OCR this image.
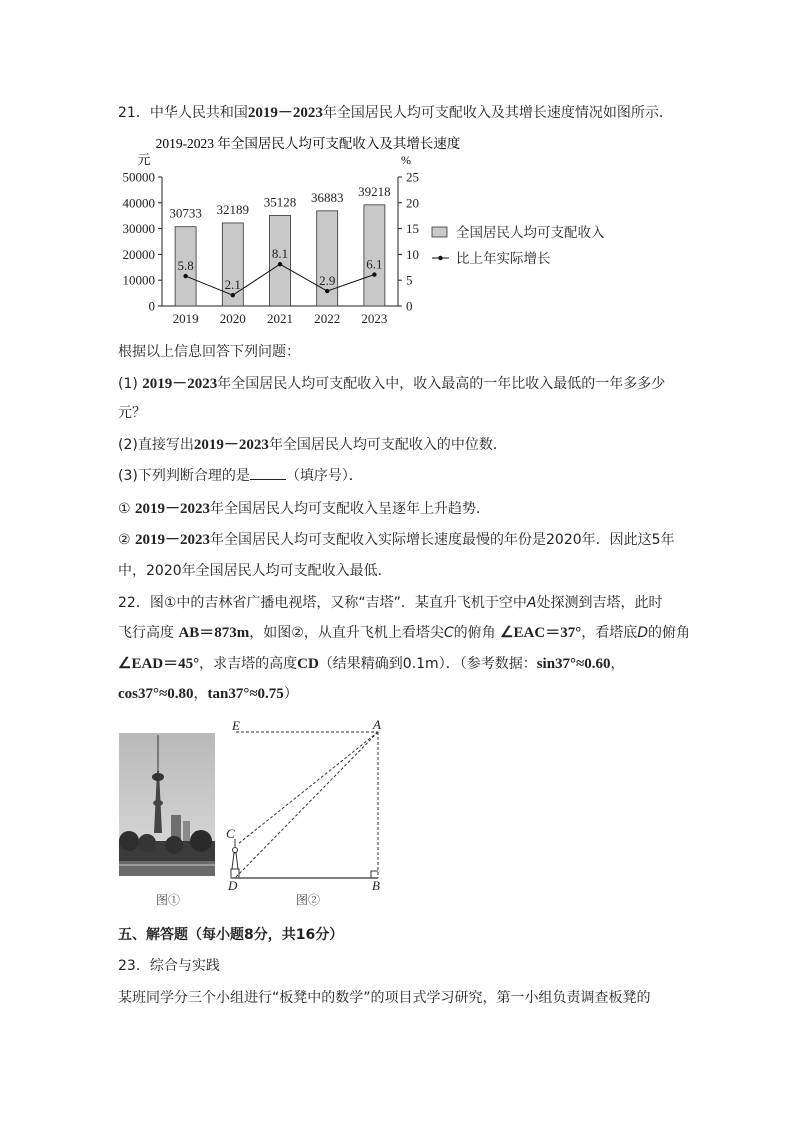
21．中华人民共和国2019－2023年全国居民人均可支配收入及其增长速度情况如图所示．
2019-2023 年全国居民人均可支配收入及其增长速度
元	%
0
10000
20000
30000
40000
50000
0
5
10
15
20
25
30733
2019
32189
2020
35128
2021
36883
2022
39218
2023
5.8
2.1
8.1
2.9
6.1
全国居民人均可支配收入
比上年实际增长
根据以上信息回答下列问题：
(1) 2019－2023年全国居民人均可支配收入中，收入最高的一年比收入最低的一年多多少
元？
(2)直接写出2019－2023年全国居民人均可支配收入的中位数．
(3)下列判断合理的是	（填序号）．
① 2019－2023年全国居民人均可支配收入呈逐年上升趋势．
② 2019－2023年全国居民人均可支配收入实际增长速度最慢的年份是2020年．因此这5年
中，2020年全国居民人均可支配收入最低．
22．图①中的吉林省广播电视塔，又称“吉塔”．某直升飞机于空中A处探测到吉塔，此时
飞行高度 AB＝873m，如图②，从直升飞机上看塔尖C的俯角 ∠EAC＝37°，看塔底D的俯角
∠EAD＝45°，求吉塔的高度CD（结果精确到0.1m）．（参考数据：sin37°≈0.60，
cos37°≈0.80，tan37°≈0.75）
图①
E	A
C
D	B
图②
五、解答题（每小题8分，共16分）
23．综合与实践
某班同学分三个小组进行“板凳中的数学”的项目式学习研究，第一小组负责调查板凳的
